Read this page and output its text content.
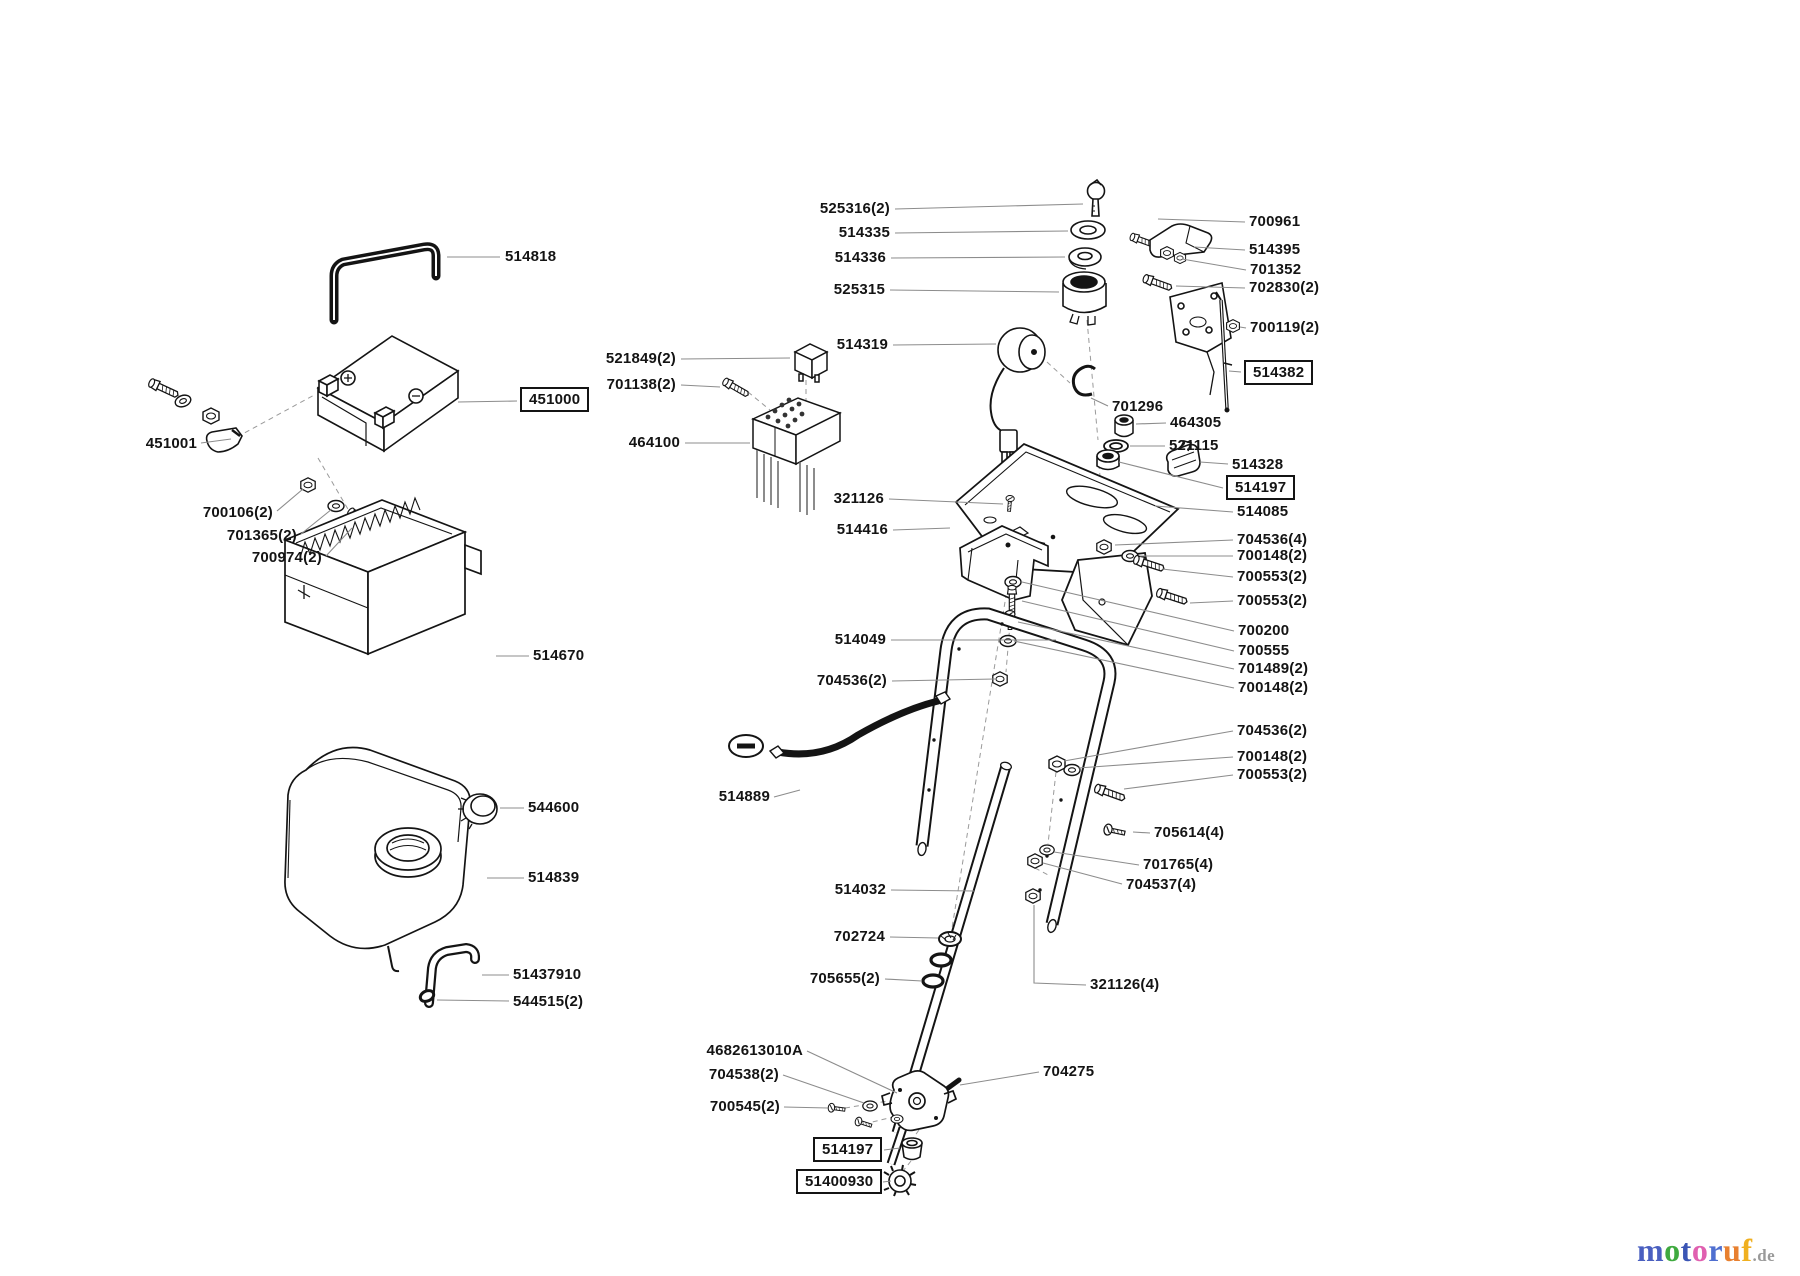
514818
451000
451001
700106(2)
701365(2)
700974(2)
514670
544600
514839
51437910
544515(2)
525316(2)
514335
514336
525315
514319
521849(2)
701138(2)
464100
321126
514416
514049
704536(2)
514889
514032
702724
705655(2)
4682613010A
704538(2)
700545(2)
514197
51400930
704275
700961
514395
701352
702830(2)
700119(2)
514382
701296
464305
521115
514328
514197
514085
704536(4)
700148(2)
700553(2)
700553(2)
700200
700555
701489(2)
700148(2)
704536(2)
700148(2)
700553(2)
705614(4)
701765(4)
704537(4)
321126(4)
motoruf.de
